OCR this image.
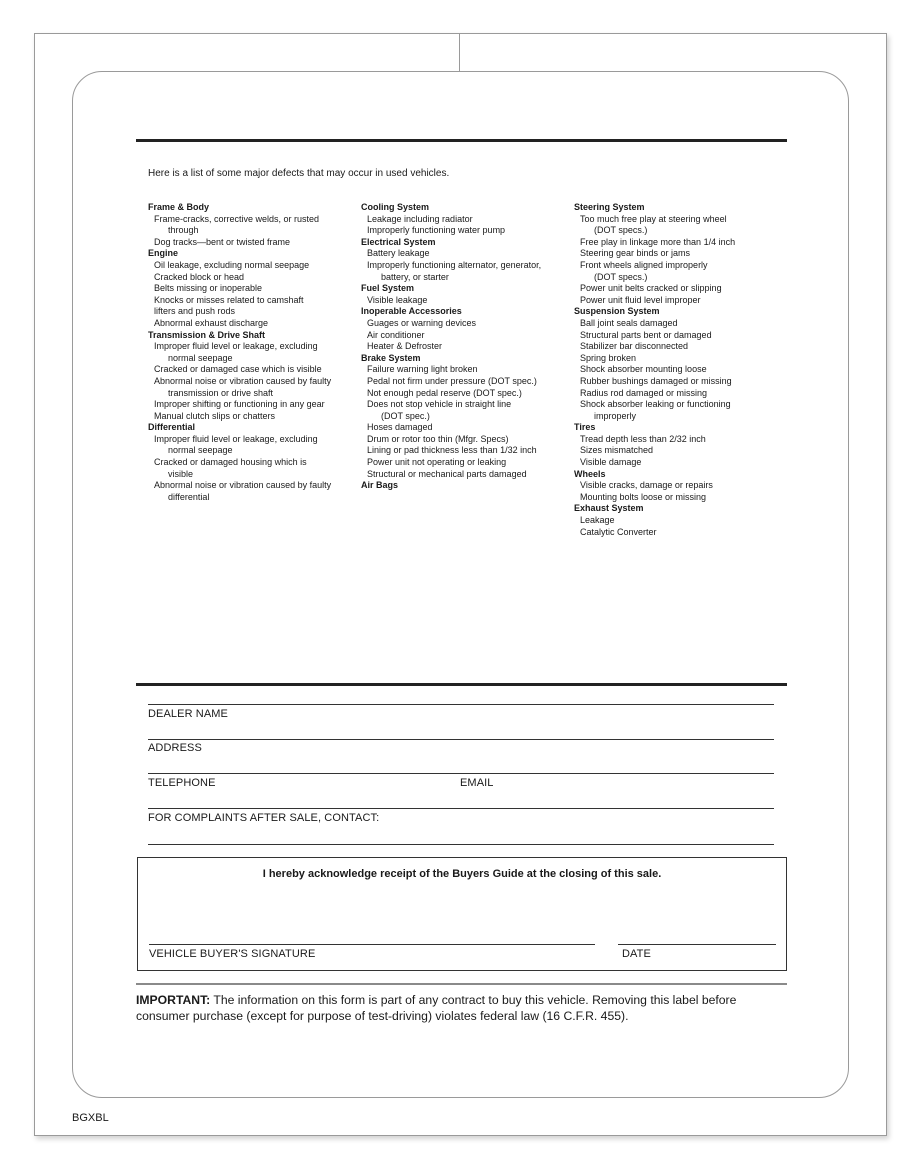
Here is a list of some major defects that may occur in used vehicles.
Frame & Body
Frame-cracks, corrective welds, or rusted
through
Dog tracks—bent or twisted frame
Engine
Oil leakage, excluding normal seepage
Cracked block or head
Belts missing or inoperable
Knocks or misses related to camshaft
lifters and push rods
Abnormal exhaust discharge
Transmission & Drive Shaft
Improper fluid level or leakage, excluding
normal seepage
Cracked or damaged case which is visible
Abnormal noise or vibration caused by faulty
transmission or drive shaft
Improper shifting or functioning in any gear
Manual clutch slips or chatters
Differential
Improper fluid level or leakage, excluding
normal seepage
Cracked or damaged housing which is
visible
Abnormal noise or vibration caused by faulty
differential
Cooling System
Leakage including radiator
Improperly functioning water pump
Electrical System
Battery leakage
Improperly functioning alternator, generator,
battery, or starter
Fuel System
Visible leakage
Inoperable Accessories
Guages or warning devices
Air conditioner
Heater & Defroster
Brake System
Failure warning light broken
Pedal not firm under pressure (DOT spec.)
Not enough pedal reserve (DOT spec.)
Does not stop vehicle in straight line
(DOT spec.)
Hoses damaged
Drum or rotor too thin (Mfgr. Specs)
Lining or pad thickness less than 1/32 inch
Power unit not operating or leaking
Structural or mechanical parts damaged
Air Bags
Steering System
Too much free play at steering wheel
(DOT specs.)
Free play in linkage more than 1/4 inch
Steering gear binds or jams
Front wheels aligned improperly
(DOT specs.)
Power unit belts cracked or slipping
Power unit fluid level improper
Suspension System
Ball joint seals damaged
Structural parts bent or damaged
Stabilizer bar disconnected
Spring broken
Shock absorber mounting loose
Rubber bushings damaged or missing
Radius rod damaged or missing
Shock absorber leaking or functioning
improperly
Tires
Tread depth less than 2/32 inch
Sizes mismatched
Visible damage
Wheels
Visible cracks, damage or repairs
Mounting bolts loose or missing
Exhaust System
Leakage
Catalytic Converter
DEALER NAME
ADDRESS
TELEPHONE	EMAIL
FOR COMPLAINTS AFTER SALE, CONTACT:
I hereby acknowledge receipt of the Buyers Guide at the closing of this sale.
VEHICLE BUYER'S SIGNATURE	DATE
IMPORTANT: The information on this form is part of any contract to buy this vehicle. Removing this label before consumer purchase (except for purpose of test-driving) violates federal law (16 C.F.R. 455).
BGXBL
